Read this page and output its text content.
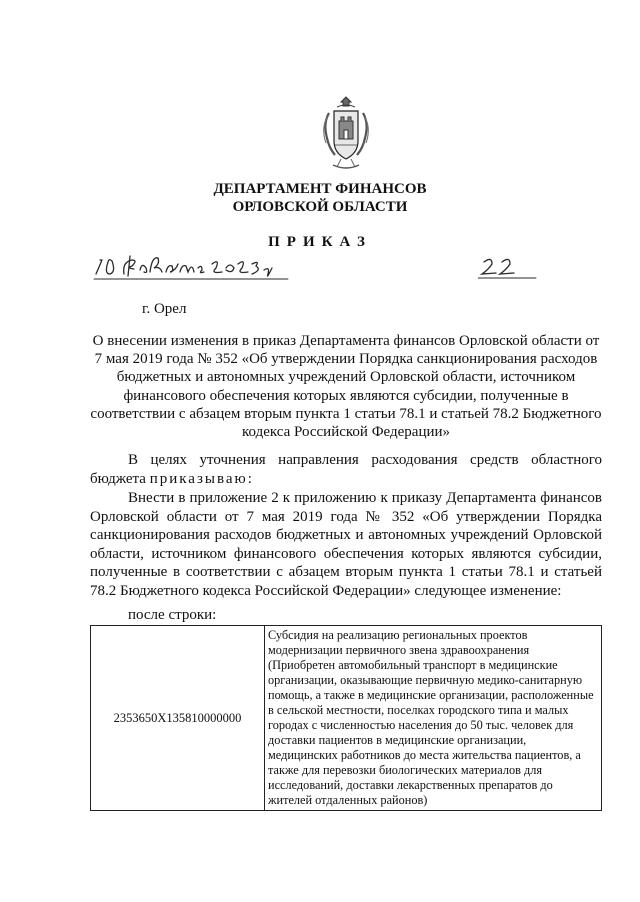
ДЕПАРТАМЕНТ ФИНАНСОВ
ОРЛОВСКОЙ ОБЛАСТИ
ПРИКАЗ
г. Орел
О внесении изменения в приказ Департамента финансов Орловской области от 7 мая 2019 года № 352 «Об утверждении Порядка санкционирования расходов бюджетных и автономных учреждений Орловской области, источником финансового обеспечения которых являются субсидии, полученные в соответствии с абзацем вторым пункта 1 статьи 78.1 и статьей 78.2 Бюджетного кодекса Российской Федерации»
В целях уточнения направления расходования средств областного бюджета приказываю:
Внести в приложение 2 к приложению к приказу Департамента финансов Орловской области от 7 мая 2019 года № 352 «Об утверждении Порядка санкционирования расходов бюджетных и автономных учреждений Орловской области, источником финансового обеспечения которых являются субсидии, полученные в соответствии с абзацем вторым пункта 1 статьи 78.1 и статьей 78.2 Бюджетного кодекса Российской Федерации» следующее изменение:
после строки:
2353650X135810000000	Субсидия на реализацию региональных проектов модернизации первичного звена здравоохранения (Приобретен автомобильный транспорт в медицинские организации, оказывающие первичную медико-санитарную помощь, а также в медицинские организации, расположенные в сельской местности, поселках городского типа и малых городах с численностью населения до 50 тыс. человек для доставки пациентов в медицинские организации, медицинских работников до места жительства пациентов, а также для перевозки биологических материалов для исследований, доставки лекарственных препаратов до жителей отдаленных районов)
